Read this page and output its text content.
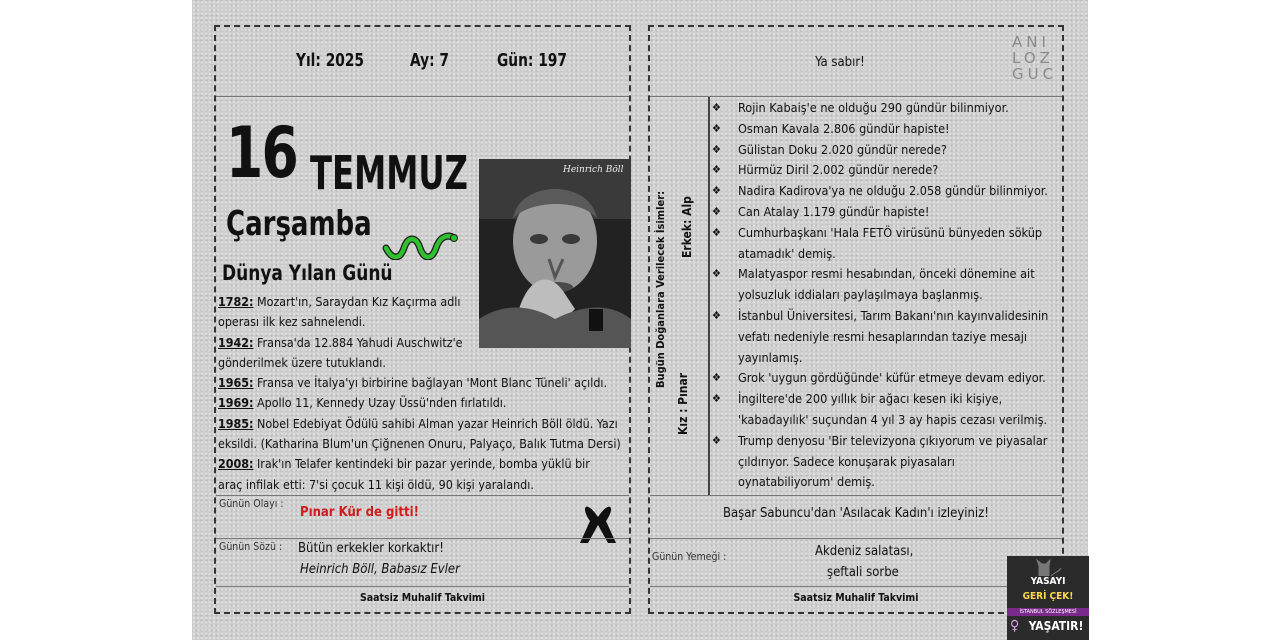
Yıl: 2025	Ay: 7	Gün: 197
16 TEMMUZ
Çarşamba
Dünya Yılan Günü
Heinrich Böll

1782: Mozart'ın, Saraydan Kız Kaçırma adlı

operası ilk kez sahnelendi.

1942: Fransa'da 12.884 Yahudi Auschwitz'e

gönderilmek üzere tutuklandı.

1965: Fransa ve İtalya'yı birbirine bağlayan 'Mont Blanc Tüneli' açıldı.

1969: Apollo 11, Kennedy Uzay Üssü'nden fırlatıldı.

1985: Nobel Edebiyat Ödülü sahibi Alman yazar Heinrich Böll öldü. Yazı

eksildi. (Katharina Blum'un Çiğnenen Onuru, Palyaço, Balık Tutma Dersi)

2008: Irak'ın Telafer kentindeki bir pazar yerinde, bomba yüklü bir

araç infilak etti: 7'si çocuk 11 kişi öldü, 90 kişi yaralandı.

Günün Olayı :
Pınar Kür de gitti!
Günün Sözü : Bütün erkekler korkaktır!
Heinrich Böll, Babasız Evler
Saatsiz Muhalif Takvimi
Ya sabır!
ANI
LOZ
GUC
Bugün Doğanlara Verilecek İsimler: Erkek: Alp
Kız : Pınar
❖	Rojin Kabaiş'e ne olduğu 290 gündür bilinmiyor.
❖	Osman Kavala 2.806 gündür hapiste!
❖	Gülistan Doku 2.020 gündür nerede?
❖	Hürmüz Diril 2.002 gündür nerede?
❖	Nadira Kadirova'ya ne olduğu 2.058 gündür bilinmiyor.
❖	Can Atalay 1.179 gündür hapiste!
❖	Cumhurbaşkanı 'Hala FETÖ virüsünü bünyeden söküp
atamadık' demiş.
❖	Malatyaspor resmi hesabından, önceki dönemine ait
yolsuzluk iddiaları paylaşılmaya başlanmış.
❖	İstanbul Üniversitesi, Tarım Bakanı'nın kayınvalidesinin
vefatı nedeniyle resmi hesaplarından taziye mesajı
yayınlamış.
❖	Grok 'uygun gördüğünde' küfür etmeye devam ediyor.
❖	İngiltere'de 200 yıllık bir ağacı kesen iki kişiye,
'kabadayılık' suçundan 4 yıl 3 ay hapis cezası verilmiş.
❖	Trump denyosu 'Bir televizyona çıkıyorum ve piyasalar
çıldırıyor. Sadece konuşarak piyasaları
oynatabiliyorum' demiş.
Başar Sabuncu'dan 'Asılacak Kadın'ı izleyiniz!
Günün Yemeği :	Akdeniz salatası,
şeftali sorbe
Saatsiz Muhalif Takvimi
YASAYI
GERİ ÇEK!
İSTANBUL SÖZLEŞMESİ
♀ YAŞATIR!
